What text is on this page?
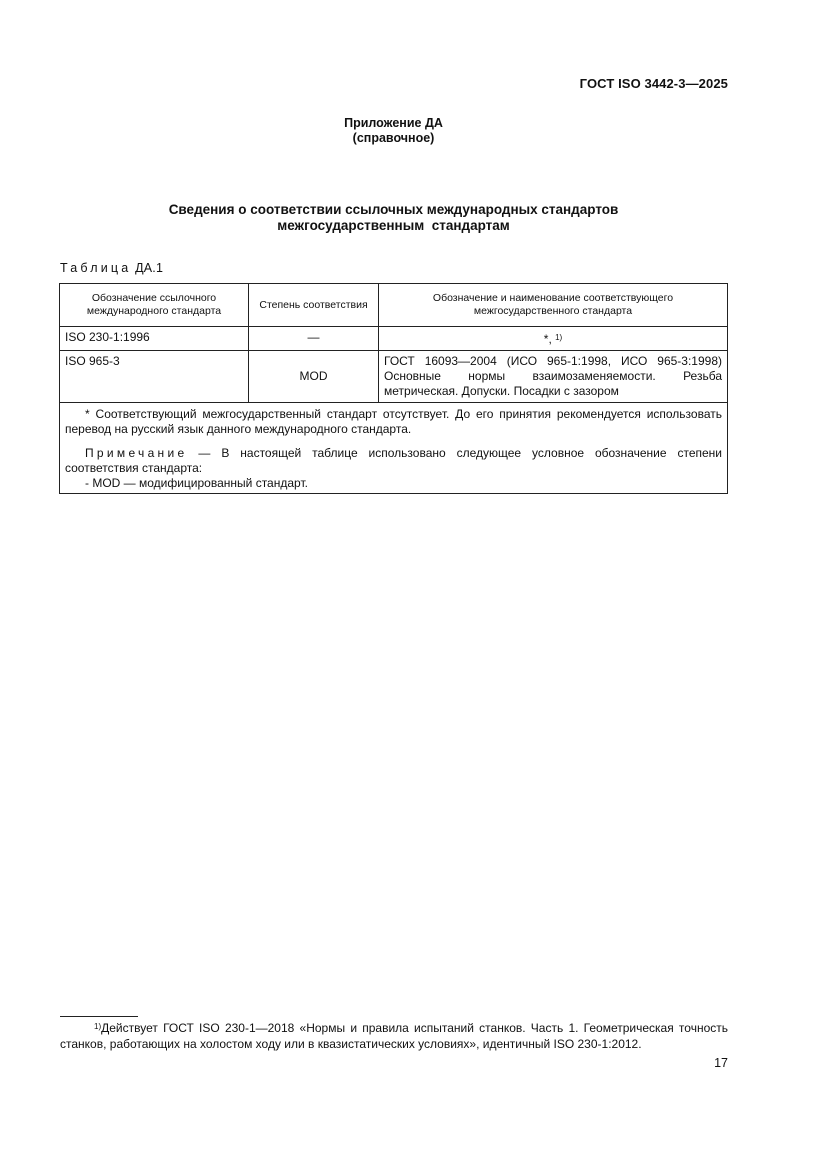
ГОСТ ISO 3442-3—2025
Приложение ДА
(справочное)
Сведения о соответствии ссылочных международных стандартов
межгосударственным  стандартам
Таблица ДА.1
Обозначение ссылочного международного стандарта	Степень соответствия	Обозначение и наименование соответствующего межгосударственного стандарта
ISO 230-1:1996	—	*, $^{1)}$
ISO 965-3	MOD	ГОСТ 16093—2004 (ИСО 965-1:1998, ИСО 965-3:1998) Основные нормы взаимозаменяемости. Резьба метрическая. Допуски. Посадки с зазором

* Соответствующий межгосударственный стандарт отсутствует. До его принятия рекомендуется использовать перевод на русский язык данного международного стандарта.

Примечание — В настоящей таблице использовано следующее условное обозначение степени соответствия стандарта:

- MOD — модифицированный стандарт.		

$^{1)}$Действует ГОСТ ISO 230-1—2018 «Нормы и правила испытаний станков. Часть 1. Геометрическая точность станков, работающих на холостом ходу или в квазистатических условиях», идентичный ISO 230-1:2012.
17
